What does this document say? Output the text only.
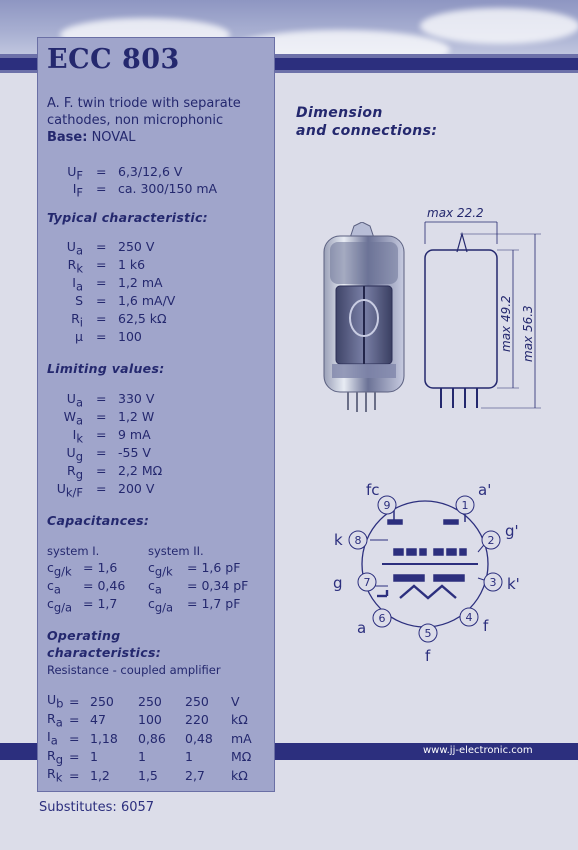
www.jj-electronic.com
ECC 803
A. F. twin triode with separate cathodes, non microphonic
Base: NOVAL
$U_F = 6,3/12,6$ V
$I_F$ = ca. 300/150 mA
Typical characteristic:
$U_a = 250$ V
$R_k = 1$ k6
$I_a = 1,2$ mA
S = 1,6 mA/V
$R_i = 62,5$ kΩ
μ = 100
Limiting values:
$U_a = 330$ V
$W_a = 1,2$ W
$I_k = 9$ mA
$U_g = -55$ V
$R_g = 2,2$ MΩ
$U_{k/F} = 200$ V
Capacitances:
system I.	system II.
$c_{g/k} = 1,6$ $c_{g/k} = 1,6$ pF
$c_a = 0,46$ $c_a = 0,34$ pF
$c_{g/a} = 1,7$ $c_{g/a} = 1,7$ pF
Operating
characteristics:
Resistance - coupled amplifier
$U_b$	=	250	250	250	V
$R_a$	=	47	100	220	kΩ
$I_a$	=	1,18	0,86	0,48	mA
$R_g$	=	1	1	1	MΩ
$R_k$	=	1,2	1,5	2,7	kΩ
Substitutes: 6057
Dimension
and connections:
max 22.2
max 49.2 max 56.3
1
2
3
4
5
6
7
8
9
a'
g'
k'
f
f
a
g
k
fc
